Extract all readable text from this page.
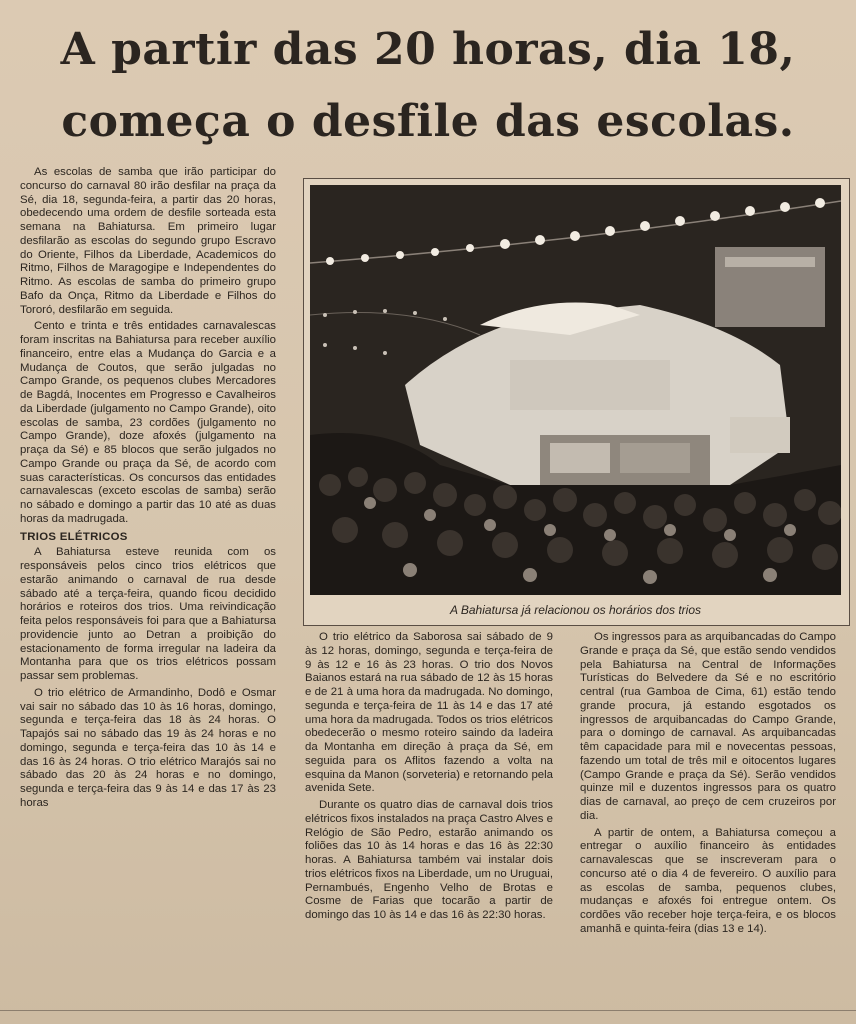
A partir das 20 horas, dia 18,
começa o desfile das escolas.

As escolas de samba que irão participar do concurso do carnaval 80 irão desfilar na praça da Sé, dia 18, segunda-feira, a partir das 20 horas, obedecendo uma ordem de desfile sorteada esta semana na Bahiatursa. Em primeiro lugar desfilarão as escolas do segundo grupo Escravo do Oriente, Filhos da Liberdade, Academicos do Ritmo, Filhos de Maragogipe e Independentes do Ritmo. As escolas de samba do primeiro grupo Bafo da Onça, Ritmo da Liberdade e Filhos do Tororó, desfilarão em seguida.

Cento e trinta e três entidades carnavalescas foram inscritas na Bahiatursa para receber auxílio financeiro, entre elas a Mudança do Garcia e a Mudança de Coutos, que serão julgadas no Campo Grande, os pequenos clubes Mercadores de Bagdá, Inocentes em Progresso e Cavalheiros da Liberdade (julgamento no Campo Grande), oito escolas de samba, 23 cordões (julgamento no Campo Grande), doze afoxés (julgamento na praça da Sé) e 85 blocos que serão julgados no Campo Grande ou praça da Sé, de acordo com suas características. Os concursos das entidades carnavalescas (exceto escolas de samba) serão no sábado e domingo a partir das 10 até as duas horas da madrugada.

TRIOS ELÉTRICOS

A Bahiatursa esteve reunida com os responsáveis pelos cinco trios elétricos que estarão animando o carnaval de rua desde sábado até a terça-feira, quando ficou decidido horários e roteiros dos trios. Uma reivindicação feita pelos responsáveis foi para que a Bahiatursa providencie junto ao Detran a proibição do estacionamento de forma irregular na ladeira da Montanha para que os trios elétricos possam passar sem problemas.

O trio elétrico de Armandinho, Dodô e Osmar vai sair no sábado das 10 às 16 horas, domingo, segunda e terça-feira das 18 às 24 horas. O Tapajós sai no sábado das 19 às 24 horas e no domingo, segunda e terça-feira das 10 às 14 e das 16 às 24 horas. O trio elétrico Marajós sai no sábado das 20 às 24 horas e no domingo, segunda e terça-feira das 9 às 14 e das 17 às 23 horas

A Bahiatursa já relacionou os horários dos trios

O trio elétrico da Saborosa sai sábado de 9 às 12 horas, domingo, segunda e terça-feira de 9 às 12 e 16 às 23 horas. O trio dos Novos Baianos estará na rua sábado de 12 às 15 horas e de 21 à uma hora da madrugada. No domingo, segunda e terça-feira de 11 às 14 e das 17 até uma hora da madrugada. Todos os trios elétricos obedecerão o mesmo roteiro saindo da ladeira da Montanha em direção à praça da Sé, em seguida para os Aflitos fazendo a volta na esquina da Manon (sorveteria) e retornando pela avenida Sete.

Durante os quatro dias de carnaval dois trios elétricos fixos instalados na praça Castro Alves e Relógio de São Pedro, estarão animando os foliões das 10 às 14 horas e das 16 às 22:30 horas. A Bahiatursa também vai instalar dois trios elétricos fixos na Liberdade, um no Uruguai, Pernambués, Engenho Velho de Brotas e Cosme de Farias que tocarão a partir de domingo das 10 às 14 e das 16 às 22:30 horas.

Os ingressos para as arquibancadas do Campo Grande e praça da Sé, que estão sendo vendidos pela Bahiatursa na Central de Informações Turísticas do Belvedere da Sé e no escritório central (rua Gamboa de Cima, 61) estão tendo grande procura, já estando esgotados os ingressos de arquibancadas do Campo Grande, para o domingo de carnaval. As arquibancadas têm capacidade para mil e novecentas pessoas, fazendo um total de três mil e oitocentos lugares (Campo Grande e praça da Sé). Serão vendidos quinze mil e duzentos ingressos para os quatro dias de carnaval, ao preço de cem cruzeiros por dia.

A partir de ontem, a Bahiatursa começou a entregar o auxílio financeiro às entidades carnavalescas que se inscreveram para o concurso até o dia 4 de fevereiro. O auxílio para as escolas de samba, pequenos clubes, mudanças e afoxés foi entregue ontem. Os cordões vão receber hoje terça-feira, e os blocos amanhã e quinta-feira (dias 13 e 14).
